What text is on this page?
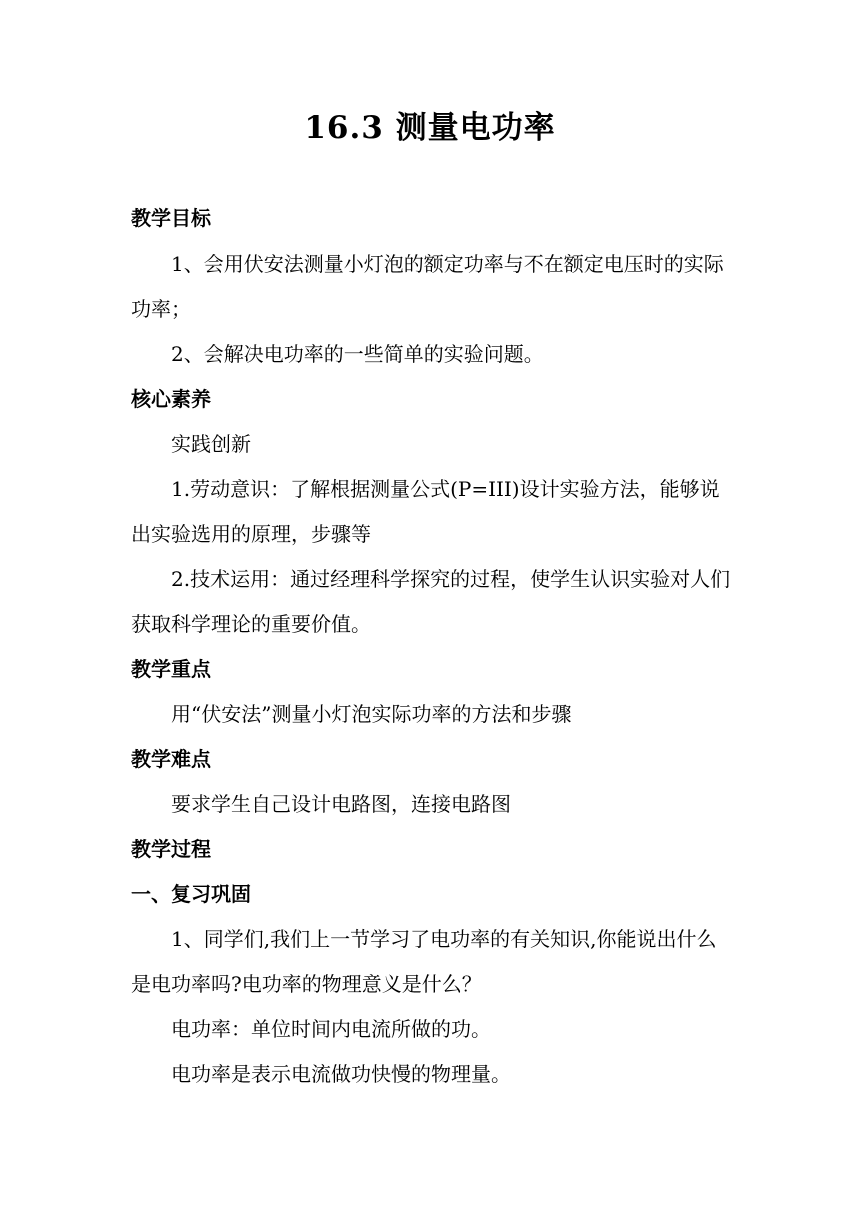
16.3 测量电功率
教学目标
1、会用伏安法测量小灯泡的额定功率与不在额定电压时的实际
功率；
2、会解决电功率的一些简单的实验问题。
核心素养
实践创新
1.劳动意识：了解根据测量公式(P=III)设计实验方法，能够说
出实验选用的原理，步骤等
2.技术运用：通过经理科学探究的过程，使学生认识实验对人们
获取科学理论的重要价值。
教学重点
用“伏安法”测量小灯泡实际功率的方法和步骤
教学难点
要求学生自己设计电路图，连接电路图
教学过程
一、复习巩固
1、同学们,我们上一节学习了电功率的有关知识,你能说出什么
是电功率吗?电功率的物理意义是什么？
电功率：单位时间内电流所做的功。
电功率是表示电流做功快慢的物理量。
